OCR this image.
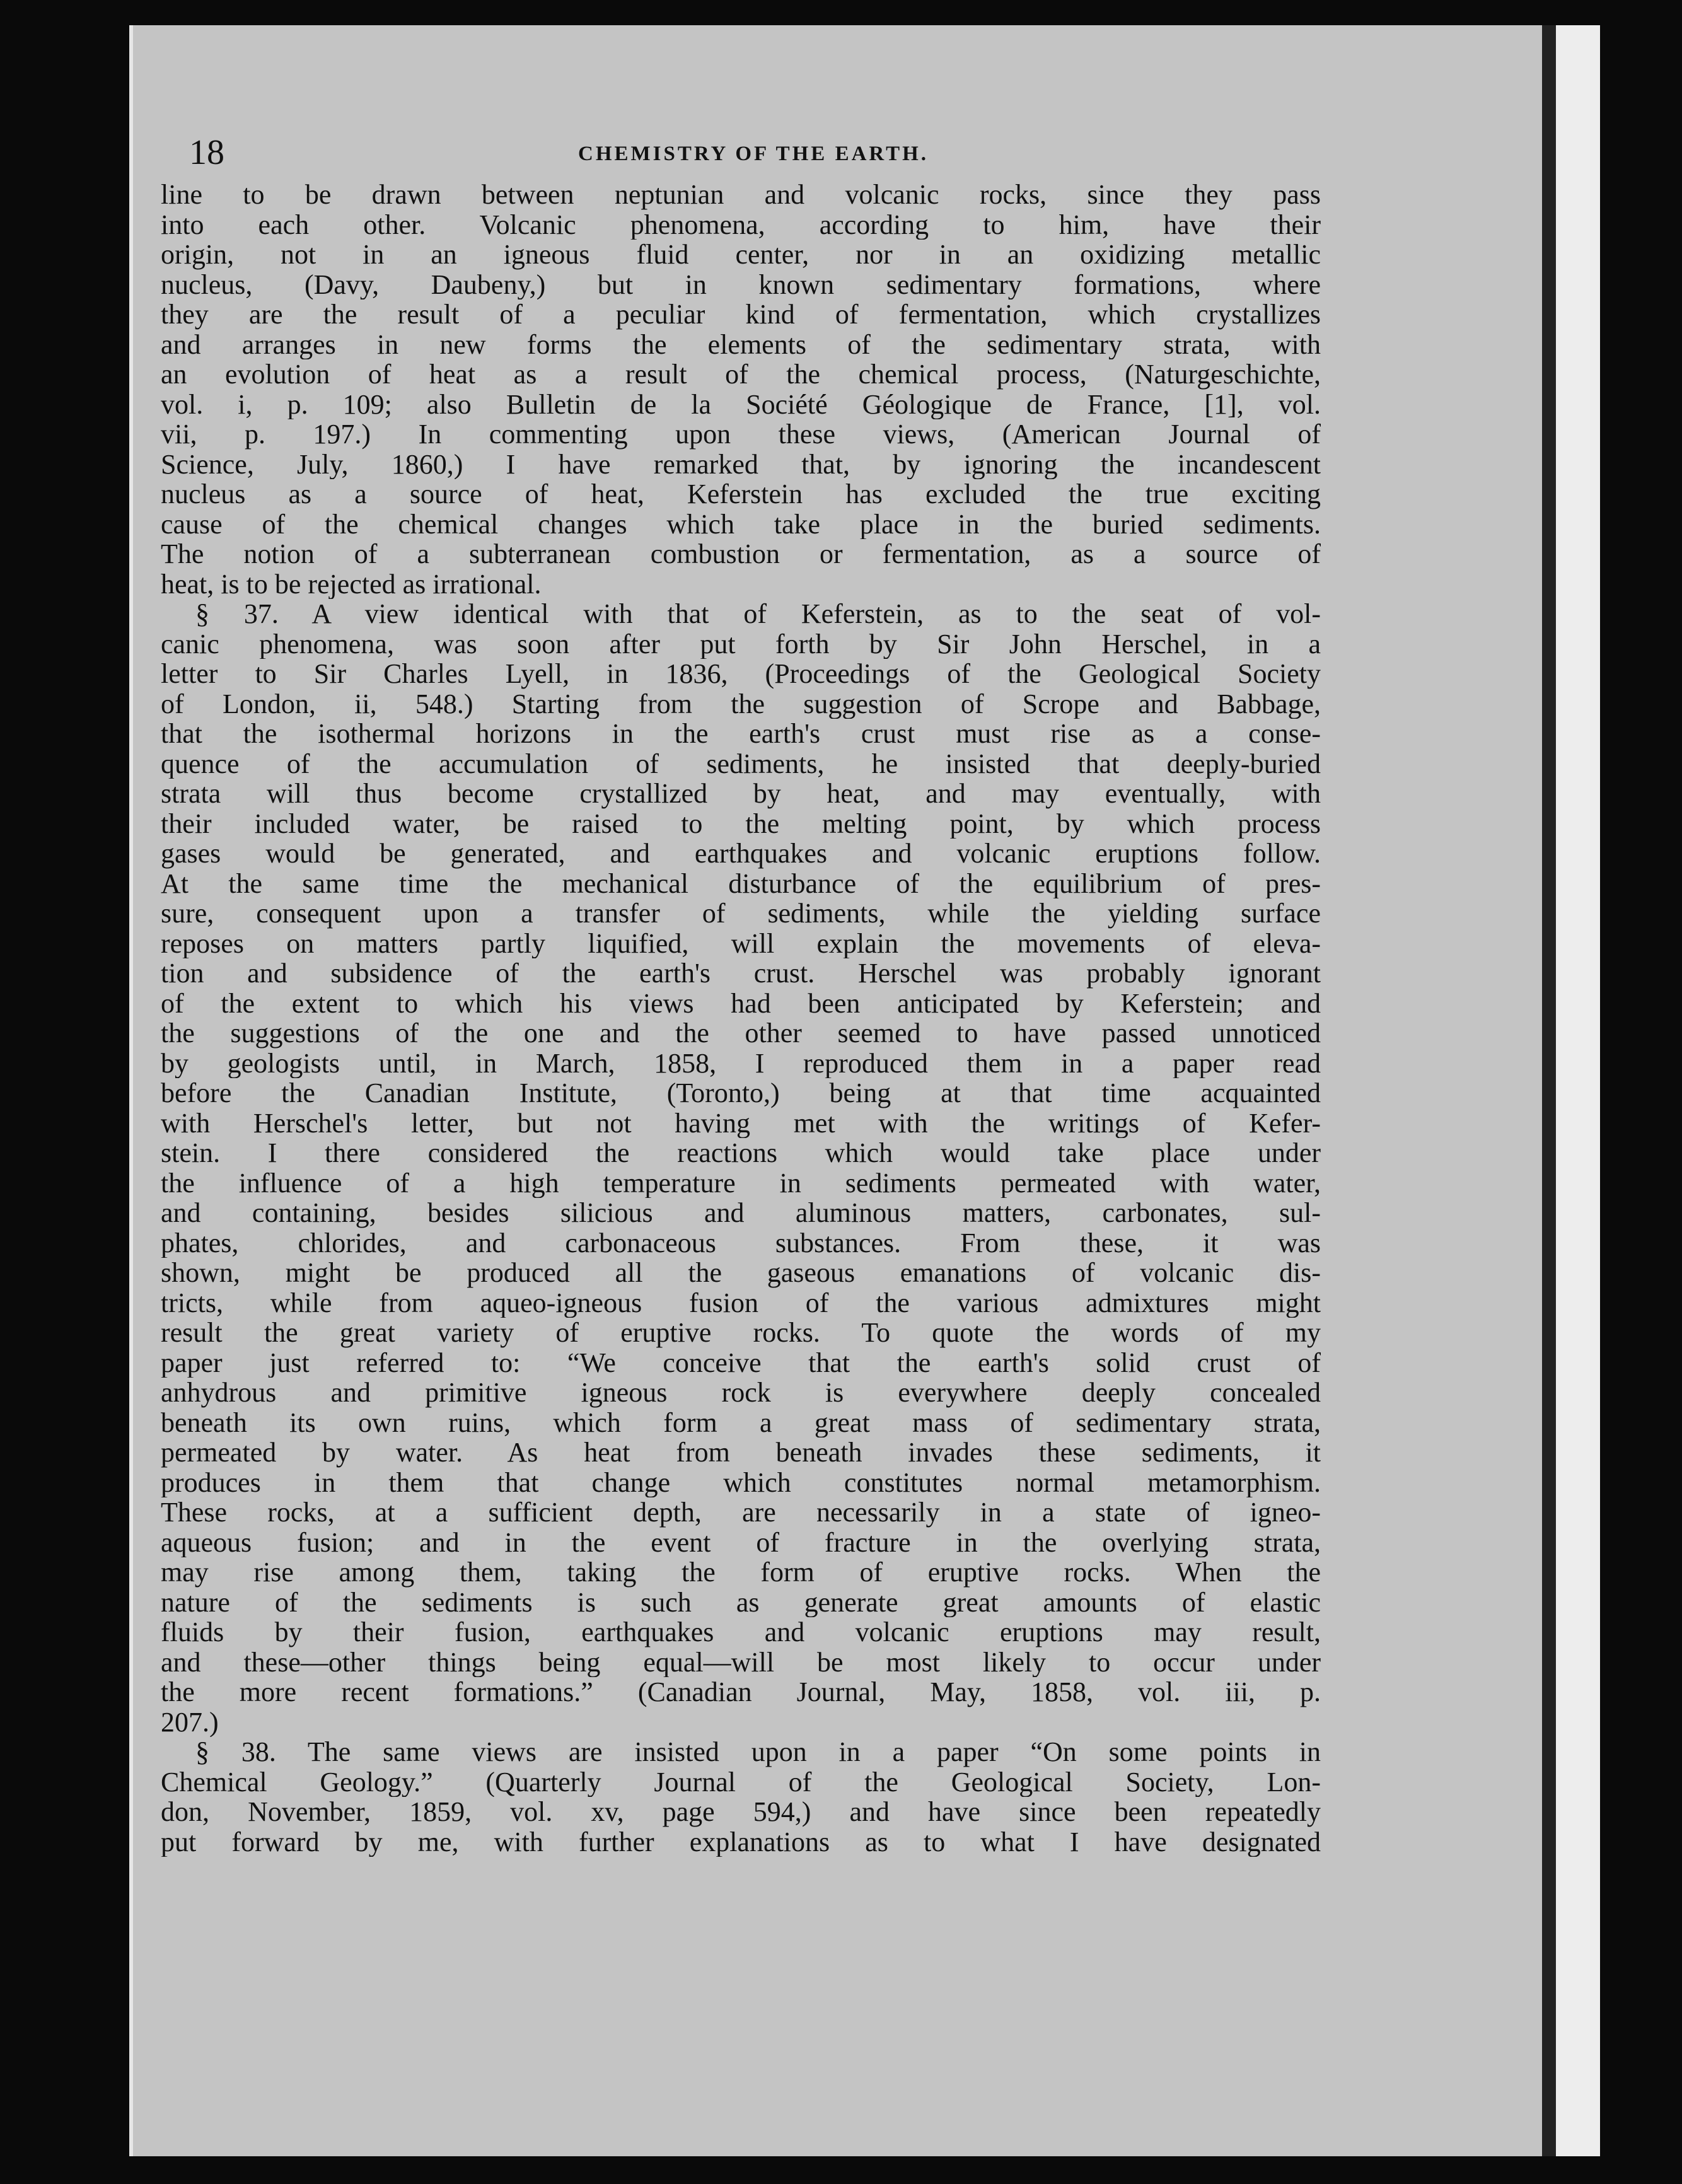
18	CHEMISTRY OF THE EARTH.
line to be drawn between neptunian and volcanic rocks, since they pass
into each other. Volcanic phenomena, according to him, have their
origin, not in an igneous fluid center, nor in an oxidizing metallic
nucleus, (Davy, Daubeny,) but in known sedimentary formations, where
they are the result of a peculiar kind of fermentation, which crystallizes
and arranges in new forms the elements of the sedimentary strata, with
an evolution of heat as a result of the chemical process, (Naturgeschichte,
vol. i, p. 109; also Bulletin de la Société Géologique de France, [1], vol.
vii, p. 197.) In commenting upon these views, (American Journal of
Science, July, 1860,) I have remarked that, by ignoring the incandescent
nucleus as a source of heat, Keferstein has excluded the true exciting
cause of the chemical changes which take place in the buried sediments.
The notion of a subterranean combustion or fermentation, as a source of
heat, is to be rejected as irrational.
§ 37. A view identical with that of Keferstein, as to the seat of vol-
canic phenomena, was soon after put forth by Sir John Herschel, in a
letter to Sir Charles Lyell, in 1836, (Proceedings of the Geological Society
of London, ii, 548.) Starting from the suggestion of Scrope and Babbage,
that the isothermal horizons in the earth's crust must rise as a conse-
quence of the accumulation of sediments, he insisted that deeply-buried
strata will thus become crystallized by heat, and may eventually, with
their included water, be raised to the melting point, by which process
gases would be generated, and earthquakes and volcanic eruptions follow.
At the same time the mechanical disturbance of the equilibrium of pres-
sure, consequent upon a transfer of sediments, while the yielding surface
reposes on matters partly liquified, will explain the movements of eleva-
tion and subsidence of the earth's crust. Herschel was probably ignorant
of the extent to which his views had been anticipated by Keferstein; and
the suggestions of the one and the other seemed to have passed unnoticed
by geologists until, in March, 1858, I reproduced them in a paper read
before the Canadian Institute, (Toronto,) being at that time acquainted
with Herschel's letter, but not having met with the writings of Kefer-
stein. I there considered the reactions which would take place under
the influence of a high temperature in sediments permeated with water,
and containing, besides silicious and aluminous matters, carbonates, sul-
phates, chlorides, and carbonaceous substances. From these, it was
shown, might be produced all the gaseous emanations of volcanic dis-
tricts, while from aqueo-igneous fusion of the various admixtures might
result the great variety of eruptive rocks. To quote the words of my
paper just referred to: “We conceive that the earth's solid crust of
anhydrous and primitive igneous rock is everywhere deeply concealed
beneath its own ruins, which form a great mass of sedimentary strata,
permeated by water. As heat from beneath invades these sediments, it
produces in them that change which constitutes normal metamorphism.
These rocks, at a sufficient depth, are necessarily in a state of igneo-
aqueous fusion; and in the event of fracture in the overlying strata,
may rise among them, taking the form of eruptive rocks. When the
nature of the sediments is such as generate great amounts of elastic
fluids by their fusion, earthquakes and volcanic eruptions may result,
and these—other things being equal—will be most likely to occur under
the more recent formations.” (Canadian Journal, May, 1858, vol. iii, p.
207.)
§ 38. The same views are insisted upon in a paper “On some points in
Chemical Geology.” (Quarterly Journal of the Geological Society, Lon-
don, November, 1859, vol. xv, page 594,) and have since been repeatedly
put forward by me, with further explanations as to what I have designated
